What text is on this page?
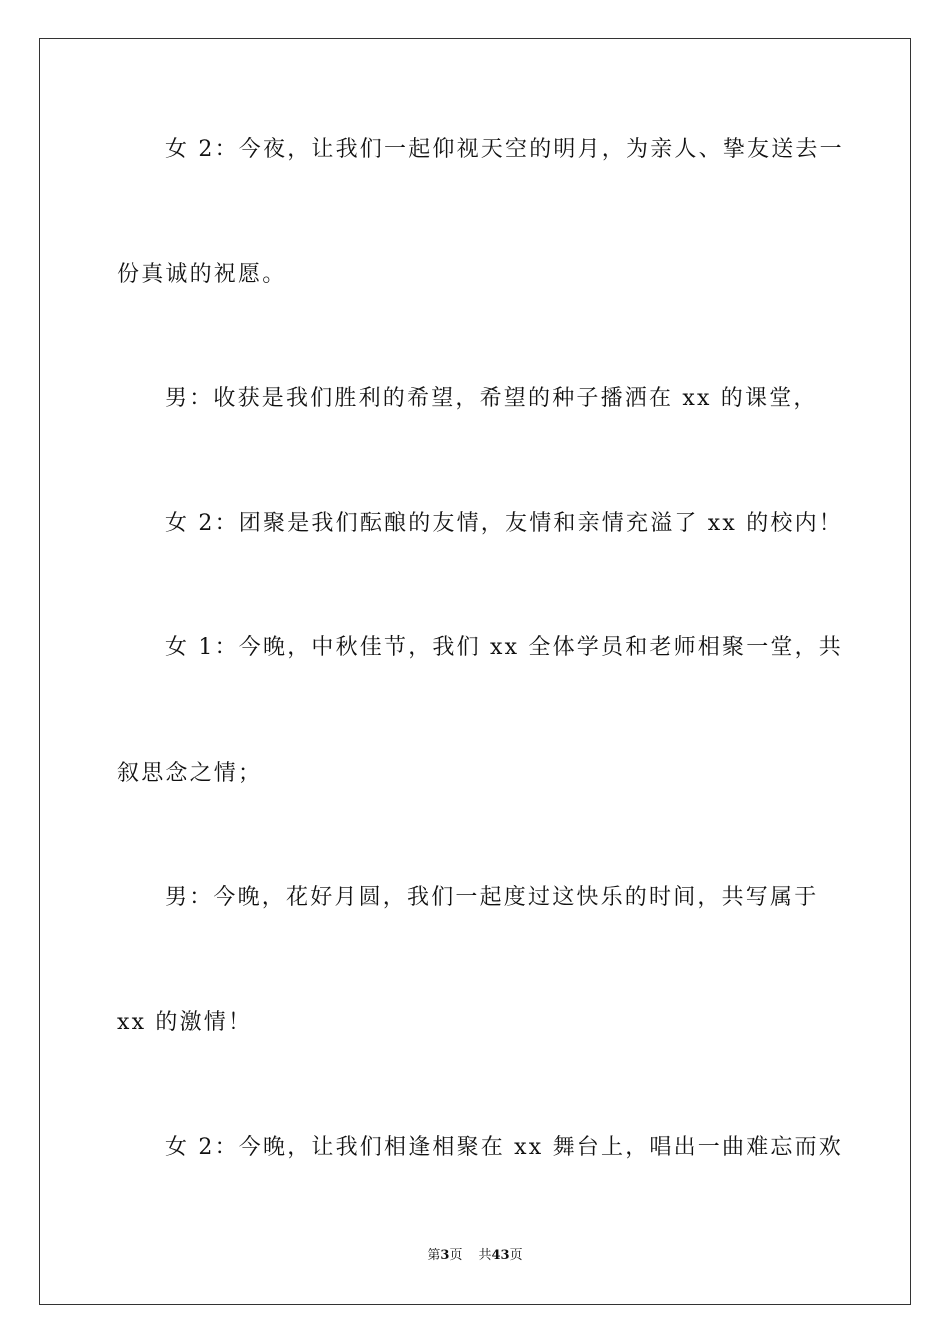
女 2：今夜，让我们一起仰视天空的明月，为亲人、挚友送去一
份真诚的祝愿。
男：收获是我们胜利的希望，希望的种子播洒在 xx 的课堂，
女 2：团聚是我们酝酿的友情，友情和亲情充溢了 xx 的校内！
女 1：今晚，中秋佳节，我们 xx 全体学员和老师相聚一堂，共
叙思念之情；
男：今晚，花好月圆，我们一起度过这快乐的时间，共写属于
xx 的激情！
女 2：今晚，让我们相逢相聚在 xx 舞台上，唱出一曲难忘而欢
第3页 共43页
